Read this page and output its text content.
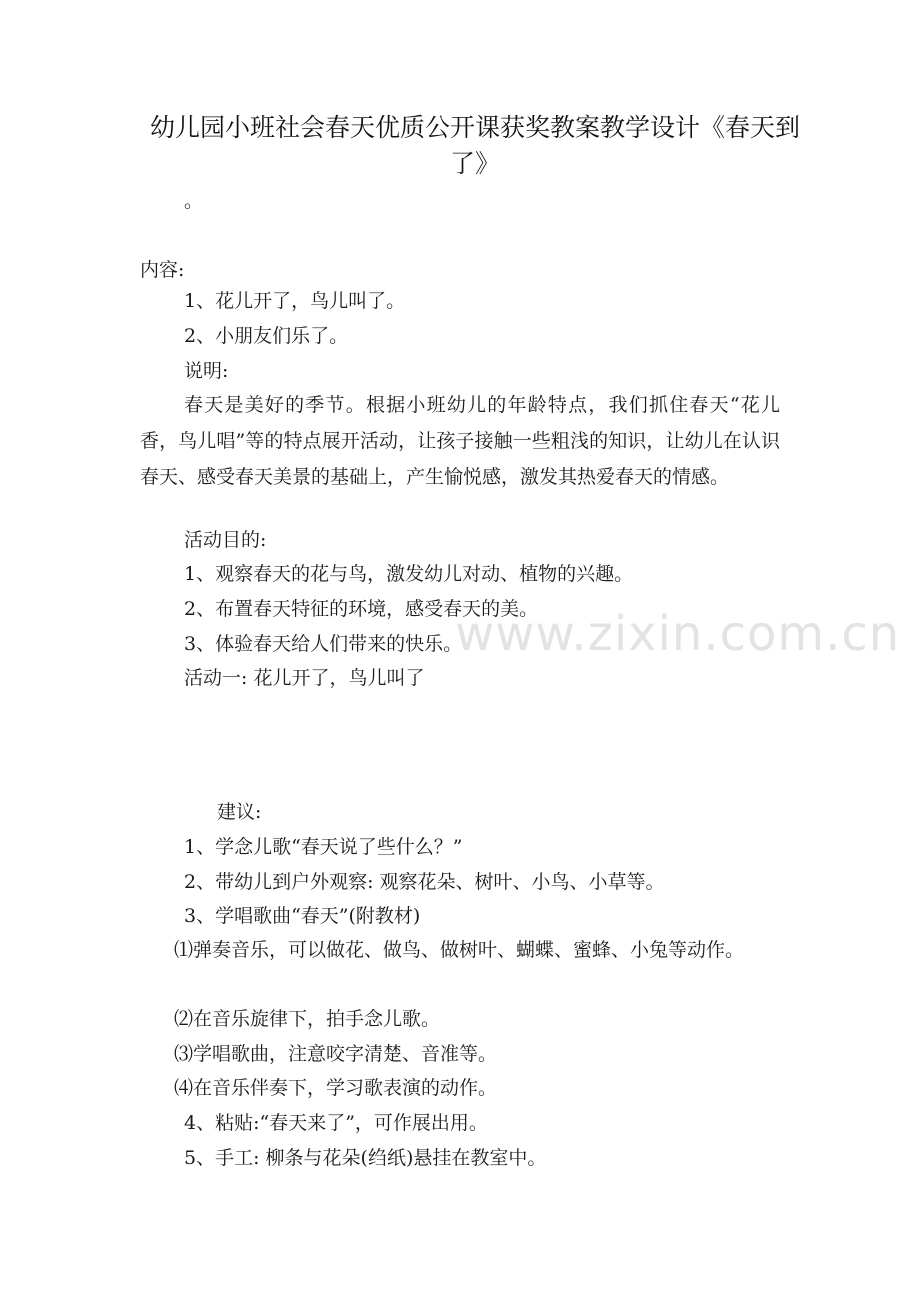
幼儿园小班社会春天优质公开课获奖教案教学设计《春天到了》
。
内容:
1、花儿开了，鸟儿叫了。
2、小朋友们乐了。
说明:
春天是美好的季节。根据小班幼儿的年龄特点，我们抓住春天“花儿香，鸟儿唱”等的特点展开活动，让孩子接触一些粗浅的知识，让幼儿在认识春天、感受春天美景的基础上，产生愉悦感，激发其热爱春天的情感。
活动目的:
1、观察春天的花与鸟，激发幼儿对动、植物的兴趣。
2、布置春天特征的环境，感受春天的美。
3、体验春天给人们带来的快乐。
活动一: 花儿开了，鸟儿叫了
www.zixin.com.cn
建议:
1、学念儿歌“春天说了些什么？”
2、带幼儿到户外观察: 观察花朵、树叶、小鸟、小草等。
3、学唱歌曲“春天”(附教材)
⑴弹奏音乐，可以做花、做鸟、做树叶、蝴蝶、蜜蜂、小兔等动作。
⑵在音乐旋律下，拍手念儿歌。
⑶学唱歌曲，注意咬字清楚、音准等。
⑷在音乐伴奏下，学习歌表演的动作。
4、粘贴:“春天来了”，可作展出用。
5、手工: 柳条与花朵(绉纸)悬挂在教室中。
